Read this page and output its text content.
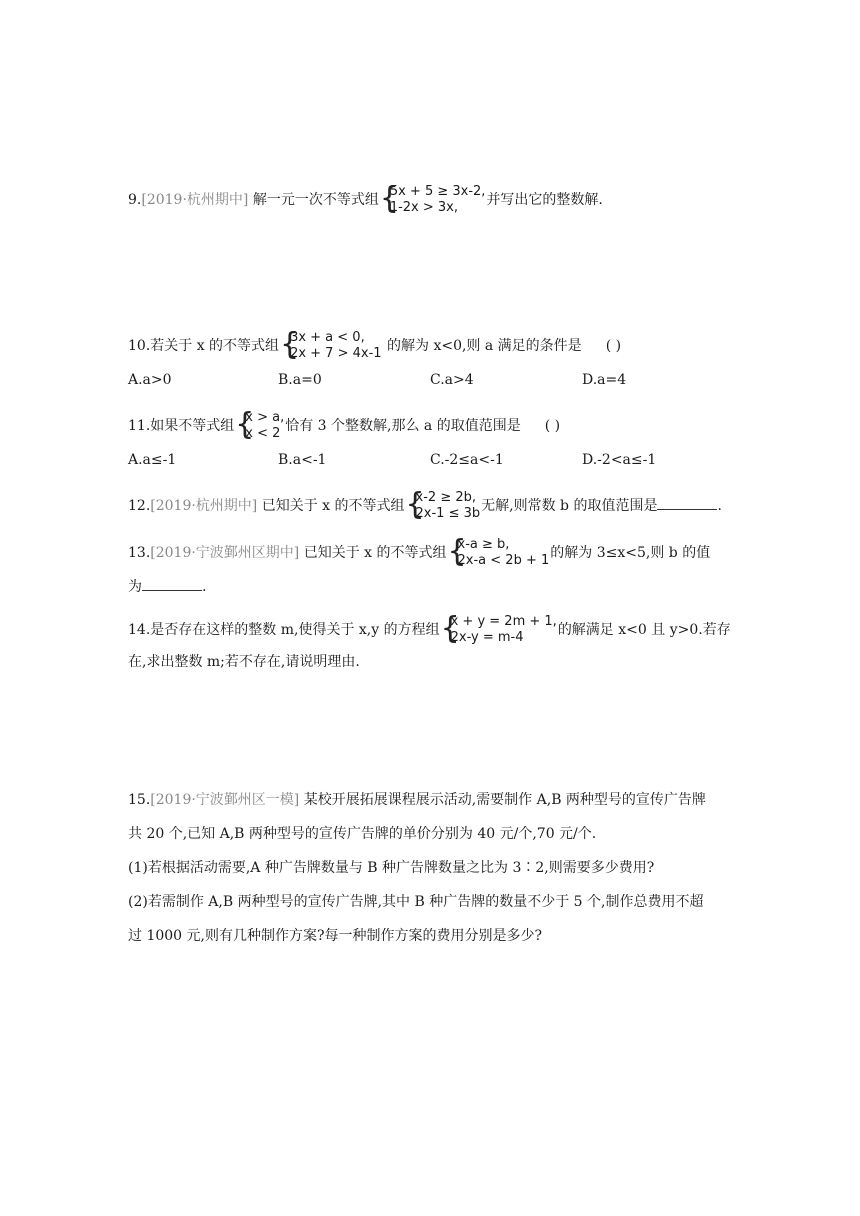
9.[2019·杭州期中] 解一元一次不等式组 {
5x + 5 ≥ 3x-2,
1-2x > 3x,	并写出它的整数解.
10.若关于 x 的不等式组 {
3x + a < 0,
2x + 7 > 4x-1 的解为 x<0,则 a 满足的条件是 ( )
A.a>0	B.a=0	C.a>4	D.a=4
11.如果不等式组 {
x > a,
x < 2 恰有 3 个整数解,那么 a 的取值范围是 ( )
A.a≤-1	B.a<-1	C.-2≤a<-1	D.-2<a≤-1
12.[2019·杭州期中] 已知关于 x 的不等式组 {
x-2 ≥ 2b,
2x-1 ≤ 3b 无解,则常数 b 的取值范围是	.
13.[2019·宁波鄞州区期中] 已知关于 x 的不等式组 {
x-a ≥ b,
2x-a < 2b + 1 的解为 3≤x<5,则 b 的值
为	.
14.是否存在这样的整数 m,使得关于 x,y 的方程组 {
x + y = 2m + 1,
2x-y = m-4	的解满足 x<0 且 y>0.若存
在,求出整数 m;若不存在,请说明理由.
15.[2019·宁波鄞州区一模] 某校开展拓展课程展示活动,需要制作 A,B 两种型号的宣传广告牌
共 20 个,已知 A,B 两种型号的宣传广告牌的单价分别为 40 元/个,70 元/个.
(1)若根据活动需要,A 种广告牌数量与 B 种广告牌数量之比为 3∶2,则需要多少费用?
(2)若需制作 A,B 两种型号的宣传广告牌,其中 B 种广告牌的数量不少于 5 个,制作总费用不超
过 1000 元,则有几种制作方案?每一种制作方案的费用分别是多少?
